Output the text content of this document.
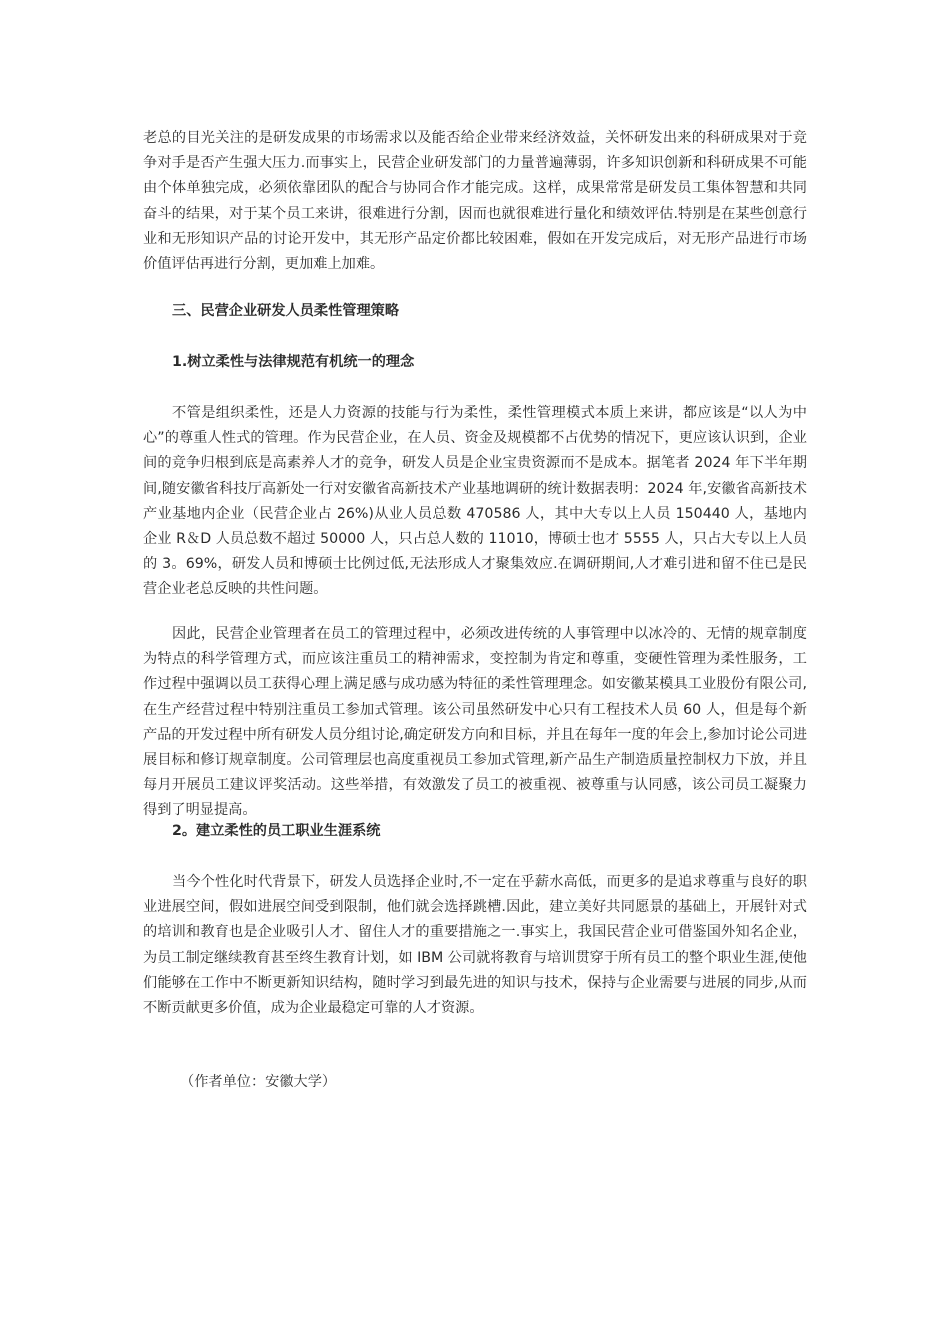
老总的目光关注的是研发成果的市场需求以及能否给企业带来经济效益，关怀研发出来的科研成果对于竞争对手是否产生强大压力.而事实上，民营企业研发部门的力量普遍薄弱，许多知识创新和科研成果不可能由个体单独完成，必须依靠团队的配合与协同合作才能完成。这样，成果常常是研发员工集体智慧和共同奋斗的结果，对于某个员工来讲，很难进行分割，因而也就很难进行量化和绩效评估.特别是在某些创意行业和无形知识产品的讨论开发中，其无形产品定价都比较困难，假如在开发完成后，对无形产品进行市场价值评估再进行分割，更加难上加难。

三、民营企业研发人员柔性管理策略

1.树立柔性与法律规范有机统一的理念

不管是组织柔性，还是人力资源的技能与行为柔性，柔性管理模式本质上来讲，都应该是“以人为中心”的尊重人性式的管理。作为民营企业，在人员、资金及规模都不占优势的情况下，更应该认识到，企业间的竞争归根到底是高素养人才的竞争，研发人员是企业宝贵资源而不是成本。据笔者 2024 年下半年期间,随安徽省科技厅高新处一行对安徽省高新技术产业基地调研的统计数据表明：2024 年,安徽省高新技术产业基地内企业（民营企业占 26%)从业人员总数 470586 人，其中大专以上人员 150440 人，基地内企业 R＆D 人员总数不超过 50000 人，只占总人数的 11010，博硕士也才 5555 人，只占大专以上人员的 3。69%，研发人员和博硕士比例过低,无法形成人才聚集效应.在调研期间,人才难引进和留不住已是民营企业老总反映的共性问题。

因此，民营企业管理者在员工的管理过程中，必须改进传统的人事管理中以冰冷的、无情的规章制度为特点的科学管理方式，而应该注重员工的精神需求，变控制为肯定和尊重，变硬性管理为柔性服务，工作过程中强调以员工获得心理上满足感与成功感为特征的柔性管理理念。如安徽某模具工业股份有限公司,在生产经营过程中特别注重员工参加式管理。该公司虽然研发中心只有工程技术人员 60 人，但是每个新产品的开发过程中所有研发人员分组讨论,确定研发方向和目标，并且在每年一度的年会上,参加讨论公司进展目标和修订规章制度。公司管理层也高度重视员工参加式管理,新产品生产制造质量控制权力下放，并且每月开展员工建议评奖活动。这些举措，有效激发了员工的被重视、被尊重与认同感，该公司员工凝聚力得到了明显提高。

2。建立柔性的员工职业生涯系统

当今个性化时代背景下，研发人员选择企业时,不一定在乎薪水高低，而更多的是追求尊重与良好的职业进展空间，假如进展空间受到限制，他们就会选择跳槽.因此，建立美好共同愿景的基础上，开展针对式的培训和教育也是企业吸引人才、留住人才的重要措施之一.事实上，我国民营企业可借鉴国外知名企业，为员工制定继续教育甚至终生教育计划，如 IBM 公司就将教育与培训贯穿于所有员工的整个职业生涯,使他们能够在工作中不断更新知识结构，随时学习到最先进的知识与技术，保持与企业需要与进展的同步,从而不断贡献更多价值，成为企业最稳定可靠的人才资源。

（作者单位：安徽大学）
